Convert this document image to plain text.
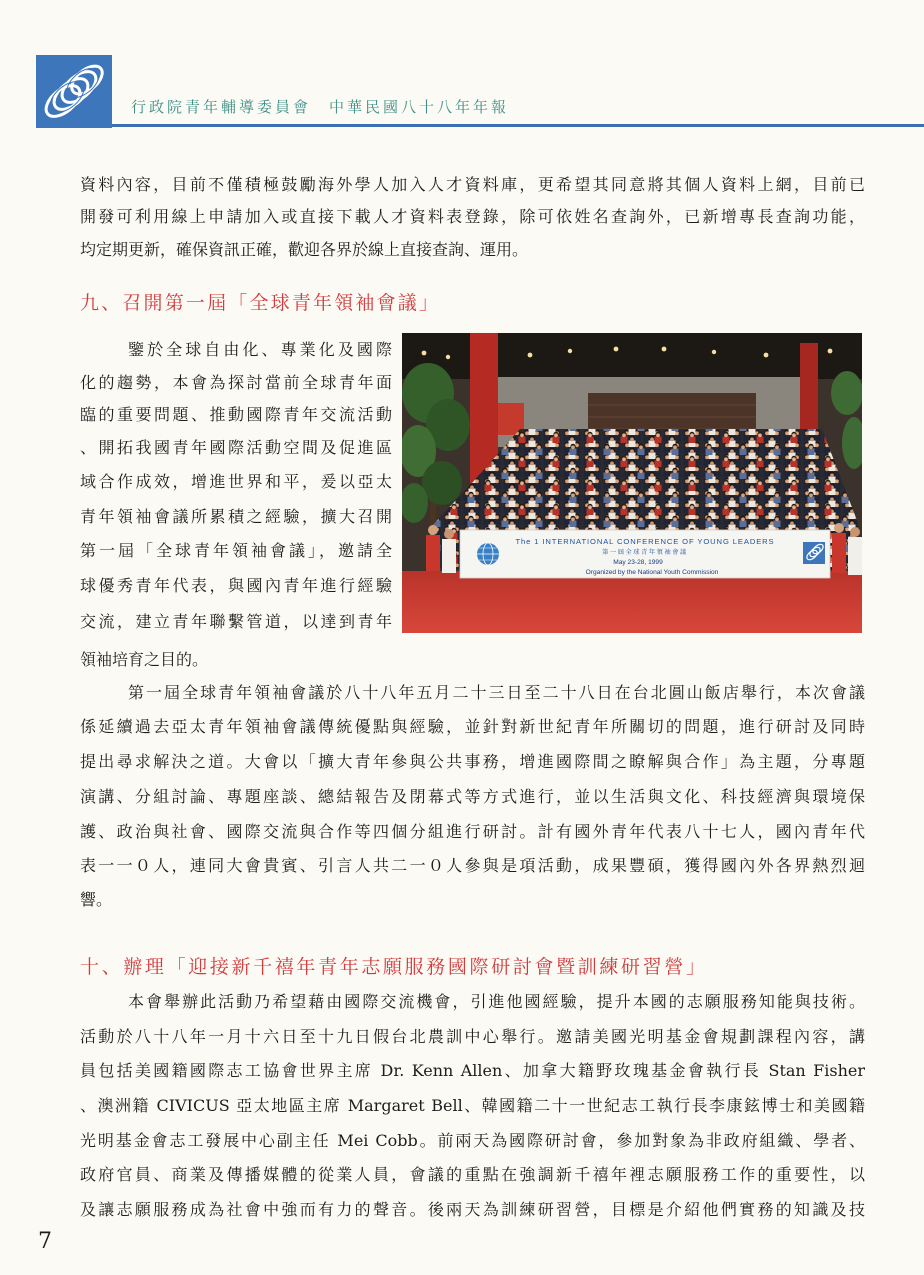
行政院青年輔導委員會　中華民國八十八年年報
資料內容，目前不僅積極鼓勵海外學人加入人才資料庫，更希望其同意將其個人資料上網，目前已
開發可利用線上申請加入或直接下載人才資料表登錄，除可依姓名查詢外，已新增專長查詢功能，
均定期更新，確保資訊正確，歡迎各界於線上直接查詢、運用。
九、召開第一屆「全球青年領袖會議」
鑒於全球自由化、專業化及國際
化的趨勢，本會為探討當前全球青年面
臨的重要問題、推動國際青年交流活動
、開拓我國青年國際活動空間及促進區
域合作成效，增進世界和平，爰以亞太
青年領袖會議所累積之經驗，擴大召開
第一屆「全球青年領袖會議」，邀請全
球優秀青年代表，與國內青年進行經驗
交流，建立青年聯繫管道，以達到青年
領袖培育之目的。
The 1 INTERNATIONAL CONFERENCE OF YOUNG LEADERS
第一屆全球青年領袖會議
May 23-28, 1999
Organized by the National Youth Commission
第一屆全球青年領袖會議於八十八年五月二十三日至二十八日在台北圓山飯店舉行，本次會議
係延續過去亞太青年領袖會議傳統優點與經驗，並針對新世紀青年所關切的問題，進行研討及同時
提出尋求解決之道。大會以「擴大青年參與公共事務，增進國際間之瞭解與合作」為主題，分專題
演講、分組討論、專題座談、總結報告及閉幕式等方式進行，並以生活與文化、科技經濟與環境保
護、政治與社會、國際交流與合作等四個分組進行研討。計有國外青年代表八十七人，國內青年代
表一一０人，連同大會貴賓、引言人共二一０人參與是項活動，成果豐碩，獲得國內外各界熱烈迴
響。
十、辦理「迎接新千禧年青年志願服務國際研討會暨訓練研習營」
本會舉辦此活動乃希望藉由國際交流機會，引進他國經驗，提升本國的志願服務知能與技術。
活動於八十八年一月十六日至十九日假台北農訓中心舉行。邀請美國光明基金會規劃課程內容，講
員包括美國籍國際志工協會世界主席 Dr. Kenn Allen、加拿大籍野玫瑰基金會執行長 Stan Fisher
、澳洲籍 CIVICUS 亞太地區主席 Margaret Bell、韓國籍二十一世紀志工執行長李康鉉博士和美國籍
光明基金會志工發展中心副主任 Mei Cobb。前兩天為國際研討會，參加對象為非政府組織、學者、
政府官員、商業及傳播媒體的從業人員，會議的重點在強調新千禧年裡志願服務工作的重要性，以
及讓志願服務成為社會中強而有力的聲音。後兩天為訓練研習營，目標是介紹他們實務的知識及技
7
